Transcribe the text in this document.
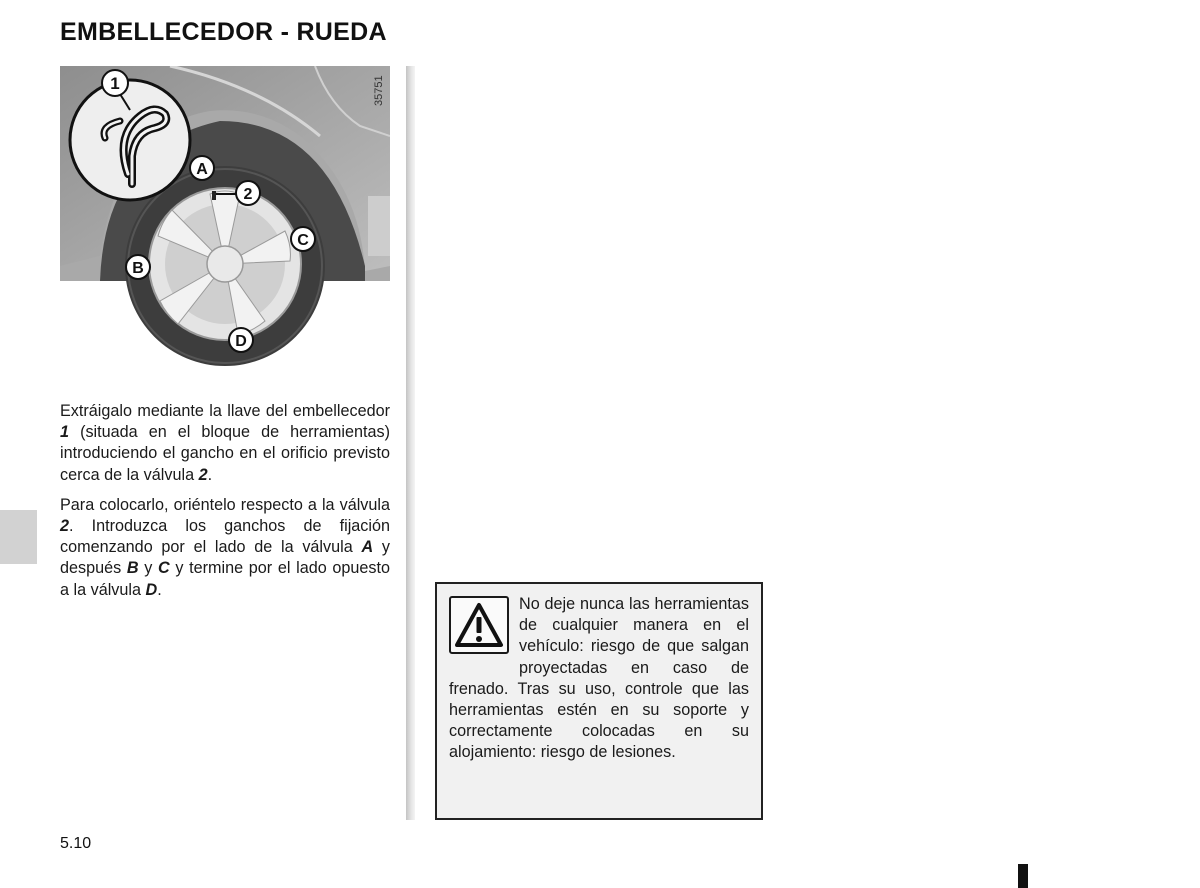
EMBELLECEDOR - RUEDA
35751
1
A
2
C
B
D

Extráigalo mediante la llave del embellecedor 1 (situada en el bloque de herramientas) introduciendo el gancho en el orificio previsto cerca de la válvula 2.

Para colocarlo, oriéntelo respecto a la válvula 2. Introduzca los ganchos de fijación comenzando por el lado de la válvula A y después B y C y termine por el lado opuesto a la válvula D.

No deje nunca las herramientas de cualquier manera en el vehículo: riesgo de que salgan proyectadas en caso de frenado. Tras su uso, controle que las herramientas estén en su soporte y correctamente colocadas en su alojamiento: riesgo de lesiones.

5.10
